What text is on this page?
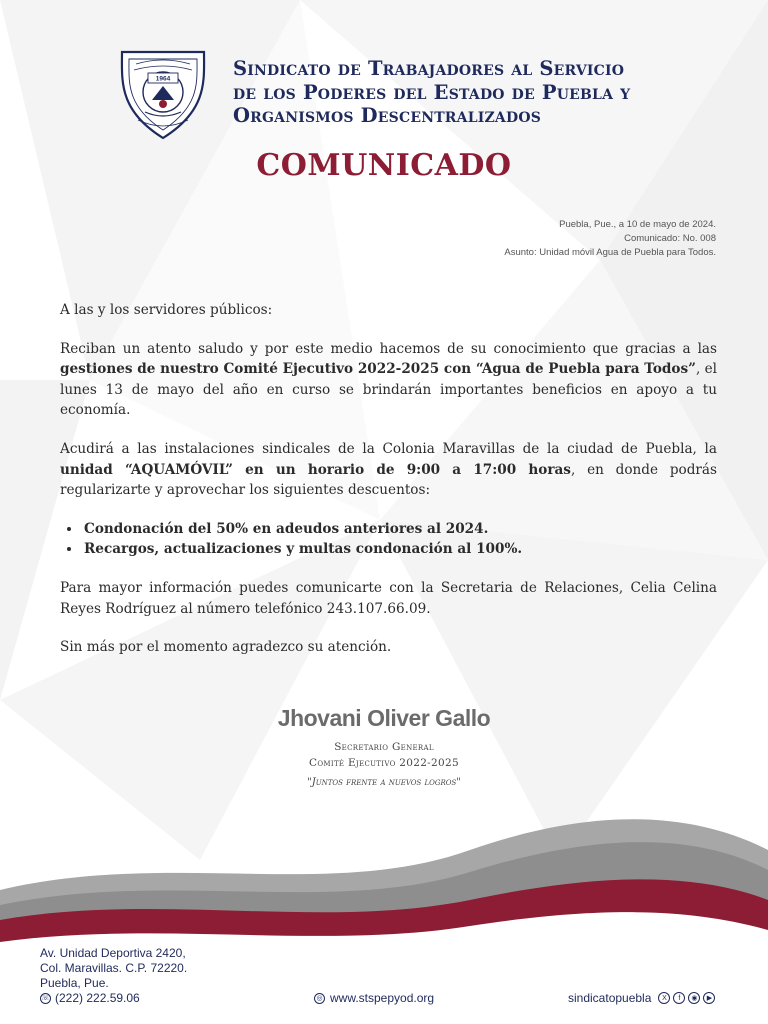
1964	Sindicato de Trabajadores al Servicio
de los Poderes del Estado de Puebla y
Organismos Descentralizados
COMUNICADO
Puebla, Pue., a 10 de mayo de 2024.
Comunicado: No. 008
Asunto: Unidad móvil Agua de Puebla para Todos.

A las y los servidores públicos:

Reciban un atento saludo y por este medio hacemos de su conocimiento que gracias a las gestiones de nuestro Comité Ejecutivo 2022-2025 con “Agua de Puebla para Todos”, el lunes 13 de mayo del año en curso se brindarán importantes beneficios en apoyo a tu economía.

Acudirá a las instalaciones sindicales de la Colonia Maravillas de la ciudad de Puebla, la unidad “AQUAMÓVIL” en un horario de 9:00 a 17:00 horas, en donde podrás regularizarte y aprovechar los siguientes descuentos:

• Condonación del 50% en adeudos anteriores al 2024.
• Recargos, actualizaciones y multas condonación al 100%.

Para mayor información puedes comunicarte con la Secretaria de Relaciones, Celia Celina Reyes Rodríguez al número telefónico 243.107.66.09.

Sin más por el momento agradezco su atención.

Jhovani Oliver Gallo
Secretario General
Comité Ejecutivo 2022-2025
"Juntos frente a nuevos logros"
Av. Unidad Deportiva 2420,
Col. Maravillas. C.P. 72220.
Puebla, Pue.
☏ (222) 222.59.06	◎ www.stspepyod.org	sindicatopuebla	X	f	◉	▶
